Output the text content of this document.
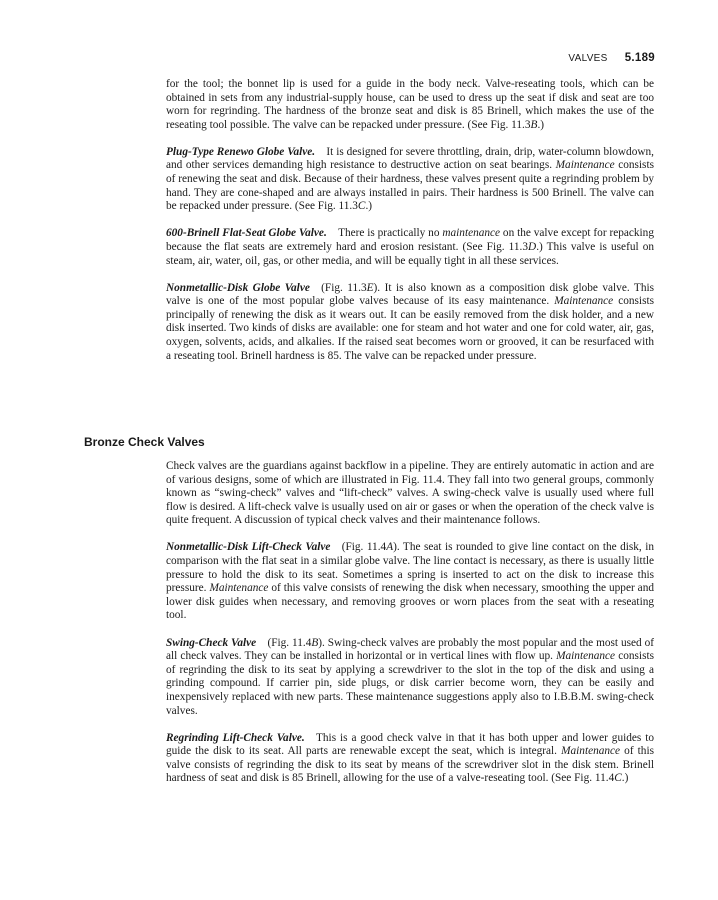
VALVES 5.189

for the tool; the bonnet lip is used for a guide in the body neck. Valve-reseating tools, which can be obtained in sets from any industrial-supply house, can be used to dress up the seat if disk and seat are too worn for regrinding. The hardness of the bronze seat and disk is 85 Brinell, which makes the use of the reseating tool possible. The valve can be repacked under pressure. (See Fig. 11.3B.)

Plug-Type Renewo Globe Valve.  It is designed for severe throttling, drain, drip, water-column blowdown, and other services demanding high resistance to destructive action on seat bearings. Maintenance consists of renewing the seat and disk. Because of their hardness, these valves present quite a regrinding problem by hand. They are cone-shaped and are always installed in pairs. Their hardness is 500 Brinell. The valve can be repacked under pressure. (See Fig. 11.3C.)

600-Brinell Flat-Seat Globe Valve.  There is practically no maintenance on the valve except for repacking because the flat seats are extremely hard and erosion resistant. (See Fig. 11.3D.) This valve is useful on steam, air, water, oil, gas, or other media, and will be equally tight in all these services.

Nonmetallic-Disk Globe Valve  (Fig. 11.3E). It is also known as a composition disk globe valve. This valve is one of the most popular globe valves because of its easy maintenance. Maintenance consists principally of renewing the disk as it wears out. It can be easily removed from the disk holder, and a new disk inserted. Two kinds of disks are available: one for steam and hot water and one for cold water, air, gas, oxygen, solvents, acids, and alkalies. If the raised seat becomes worn or grooved, it can be resurfaced with a reseating tool. Brinell hardness is 85. The valve can be repacked under pressure.

Bronze Check Valves

Check valves are the guardians against backflow in a pipeline. They are entirely automatic in action and are of various designs, some of which are illustrated in Fig. 11.4. They fall into two general groups, commonly known as “swing-check” valves and “lift-check” valves. A swing-check valve is usually used where full flow is desired. A lift-check valve is usually used on air or gases or when the operation of the check valve is quite frequent. A discussion of typical check valves and their maintenance follows.

Nonmetallic-Disk Lift-Check Valve  (Fig. 11.4A). The seat is rounded to give line contact on the disk, in comparison with the flat seat in a similar globe valve. The line contact is necessary, as there is usually little pressure to hold the disk to its seat. Sometimes a spring is inserted to act on the disk to increase this pressure. Maintenance of this valve consists of renewing the disk when necessary, smoothing the upper and lower disk guides when necessary, and removing grooves or worn places from the seat with a reseating tool.

Swing-Check Valve  (Fig. 11.4B). Swing-check valves are probably the most popular and the most used of all check valves. They can be installed in horizontal or in vertical lines with flow up. Maintenance consists of regrinding the disk to its seat by applying a screwdriver to the slot in the top of the disk and using a grinding compound. If carrier pin, side plugs, or disk carrier become worn, they can be easily and inexpensively replaced with new parts. These maintenance suggestions apply also to I.B.B.M. swing-check valves.

Regrinding Lift-Check Valve.  This is a good check valve in that it has both upper and lower guides to guide the disk to its seat. All parts are renewable except the seat, which is integral. Maintenance of this valve consists of regrinding the disk to its seat by means of the screwdriver slot in the disk stem. Brinell hardness of seat and disk is 85 Brinell, allowing for the use of a valve-reseating tool. (See Fig. 11.4C.)
